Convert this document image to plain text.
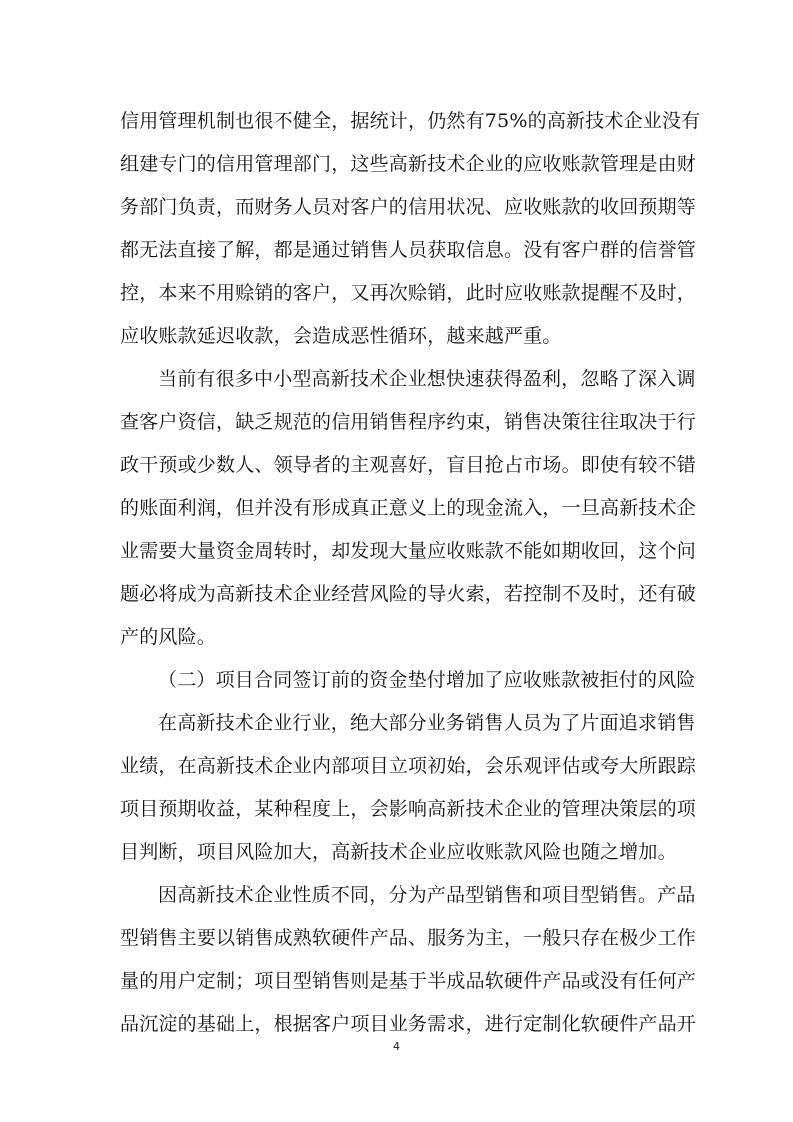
信用管理机制也很不健全，据统计，仍然有75%的高新技术企业没有
组建专门的信用管理部门，这些高新技术企业的应收账款管理是由财
务部门负责，而财务人员对客户的信用状况、应收账款的收回预期等
都无法直接了解，都是通过销售人员获取信息。没有客户群的信誉管
控，本来不用赊销的客户，又再次赊销，此时应收账款提醒不及时，
应收账款延迟收款，会造成恶性循环，越来越严重。
当前有很多中小型高新技术企业想快速获得盈利，忽略了深入调
查客户资信，缺乏规范的信用销售程序约束，销售决策往往取决于行
政干预或少数人、领导者的主观喜好，盲目抢占市场。即使有较不错
的账面利润，但并没有形成真正意义上的现金流入，一旦高新技术企
业需要大量资金周转时，却发现大量应收账款不能如期收回，这个问
题必将成为高新技术企业经营风险的导火索，若控制不及时，还有破
产的风险。
（二）项目合同签订前的资金垫付增加了应收账款被拒付的风险
在高新技术企业行业，绝大部分业务销售人员为了片面追求销售
业绩，在高新技术企业内部项目立项初始，会乐观评估或夸大所跟踪
项目预期收益，某种程度上，会影响高新技术企业的管理决策层的项
目判断，项目风险加大，高新技术企业应收账款风险也随之增加。
因高新技术企业性质不同，分为产品型销售和项目型销售。产品
型销售主要以销售成熟软硬件产品、服务为主，一般只存在极少工作
量的用户定制；项目型销售则是基于半成品软硬件产品或没有任何产
品沉淀的基础上，根据客户项目业务需求，进行定制化软硬件产品开
4
